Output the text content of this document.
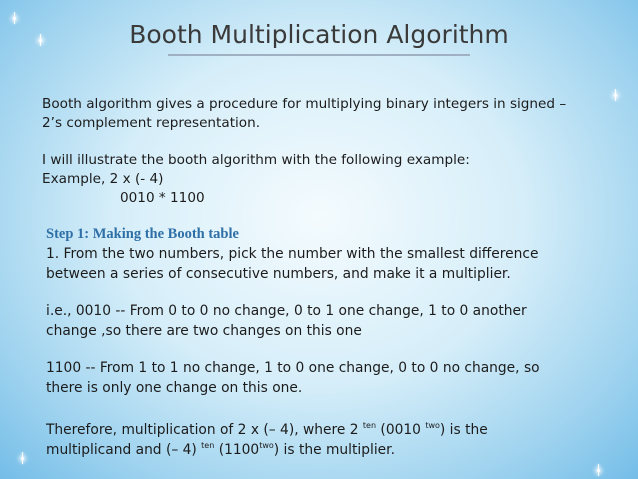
Booth Multiplication Algorithm
Booth algorithm gives a procedure for multiplying binary integers in signed –
2’s complement representation.
I will illustrate the booth algorithm with the following example:
Example, 2 x (- 4)
0010 * 1100
Step 1: Making the Booth table
1. From the two numbers, pick the number with the smallest difference
between a series of consecutive numbers, and make it a multiplier.
i.e., 0010 -- From 0 to 0 no change, 0 to 1 one change, 1 to 0 another
change ,so there are two changes on this one
1100 -- From 1 to 1 no change, 1 to 0 one change, 0 to 0 no change, so
there is only one change on this one.
Therefore, multiplication of 2 x (– 4), where 2 $^{ten}$ (0010 $^{two}$) is the
multiplicand and (– 4) $^{ten}$ $(1100^{two})$ is the multiplier.
